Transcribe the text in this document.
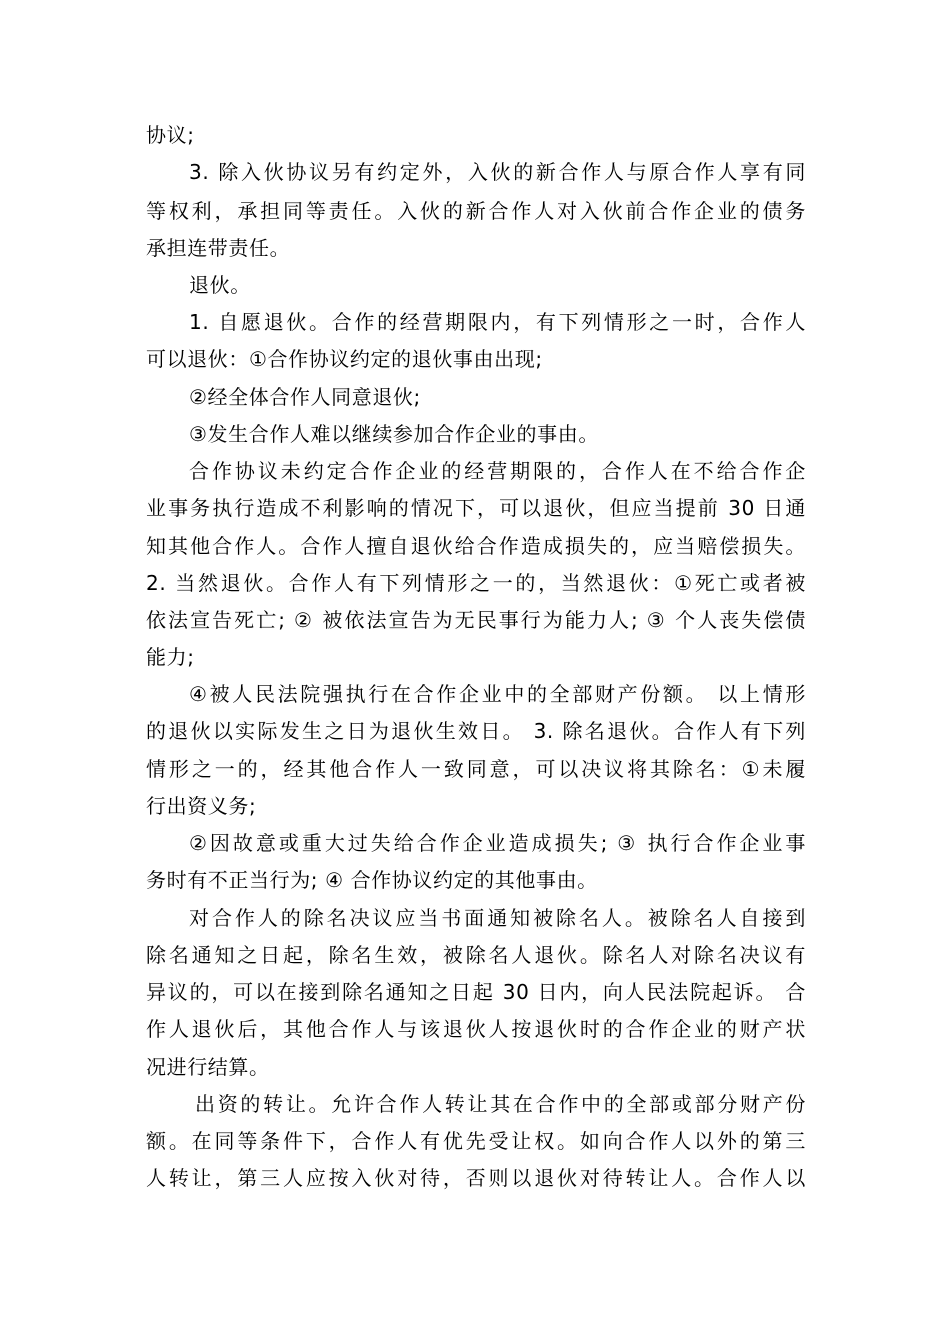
协议;
3. 除入伙协议另有约定外，入伙的新合作人与原合作人享有同
等权利，承担同等责任。入伙的新合作人对入伙前合作企业的债务
承担连带责任。
退伙。
1. 自愿退伙。合作的经营期限内，有下列情形之一时，合作人
可以退伙：①合作协议约定的退伙事由出现;
②经全体合作人同意退伙;
③发生合作人难以继续参加合作企业的事由。
合作协议未约定合作企业的经营期限的，合作人在不给合作企
业事务执行造成不利影响的情况下，可以退伙，但应当提前 30 日通
知其他合作人。合作人擅自退伙给合作造成损失的，应当赔偿损失。
2. 当然退伙。合作人有下列情形之一的，当然退伙：①死亡或者被
依法宣告死亡; ② 被依法宣告为无民事行为能力人; ③ 个人丧失偿债
能力;
④被人民法院强执行在合作企业中的全部财产份额。 以上情形
的退伙以实际发生之日为退伙生效日。 3. 除名退伙。合作人有下列
情形之一的，经其他合作人一致同意，可以决议将其除名：①未履
行出资义务;
②因故意或重大过失给合作企业造成损失; ③ 执行合作企业事
务时有不正当行为; ④ 合作协议约定的其他事由。
对合作人的除名决议应当书面通知被除名人。被除名人自接到
除名通知之日起，除名生效，被除名人退伙。除名人对除名决议有
异议的，可以在接到除名通知之日起 30 日内，向人民法院起诉。 合
作人退伙后，其他合作人与该退伙人按退伙时的合作企业的财产状
况进行结算。
出资的转让。允许合作人转让其在合作中的全部或部分财产份
额。在同等条件下，合作人有优先受让权。如向合作人以外的第三
人转让，第三人应按入伙对待，否则以退伙对待转让人。合作人以
